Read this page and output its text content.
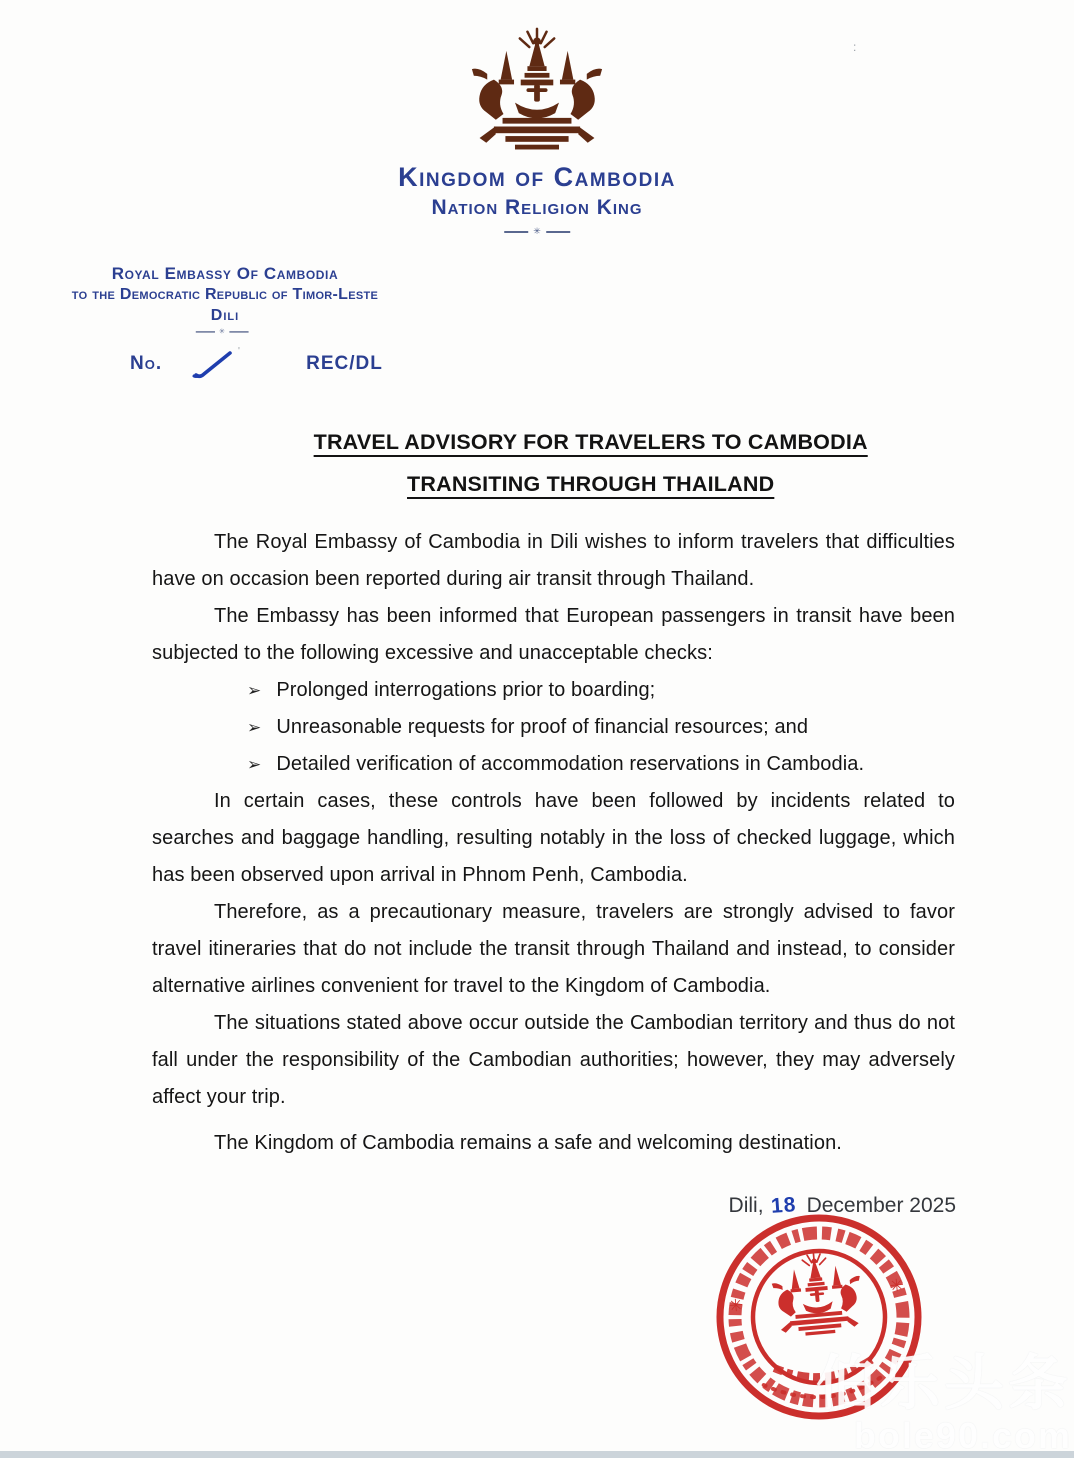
Kingdom of Cambodia
Nation Religion King
✳
Royal Embassy Of Cambodia
to the Democratic Republic of Timor-Leste
Dili
✳
No.	REC/DL
:
'
TRAVEL ADVISORY FOR TRAVELERS TO CAMBODIA
TRANSITING THROUGH THAILAND

The Royal Embassy of Cambodia in Dili wishes to inform travelers that difficulties have on occasion been reported during air transit through Thailand.

The Embassy has been informed that European passengers in transit have been subjected to the following excessive and unacceptable checks:

➢ Prolonged interrogations prior to boarding;
➢ Unreasonable requests for proof of financial resources; and
➢ Detailed verification of accommodation reservations in Cambodia.

In certain cases, these controls have been followed by incidents related to searches and baggage handling, resulting notably in the loss of checked luggage, which has been observed upon arrival in Phnom Penh, Cambodia.

Therefore, as a precautionary measure, travelers are strongly advised to favor travel itineraries that do not include the transit through Thailand and instead, to consider alternative airlines convenient for travel to the Kingdom of Cambodia.

The situations stated above occur outside the Cambodian territory and thus do not fall under the responsibility of the Cambodian authorities; however, they may adversely affect your trip.

The Kingdom of Cambodia remains a safe and welcoming destination.

Dili, 18 December 2025
✳
✳
伯乐头条
bole90.com
